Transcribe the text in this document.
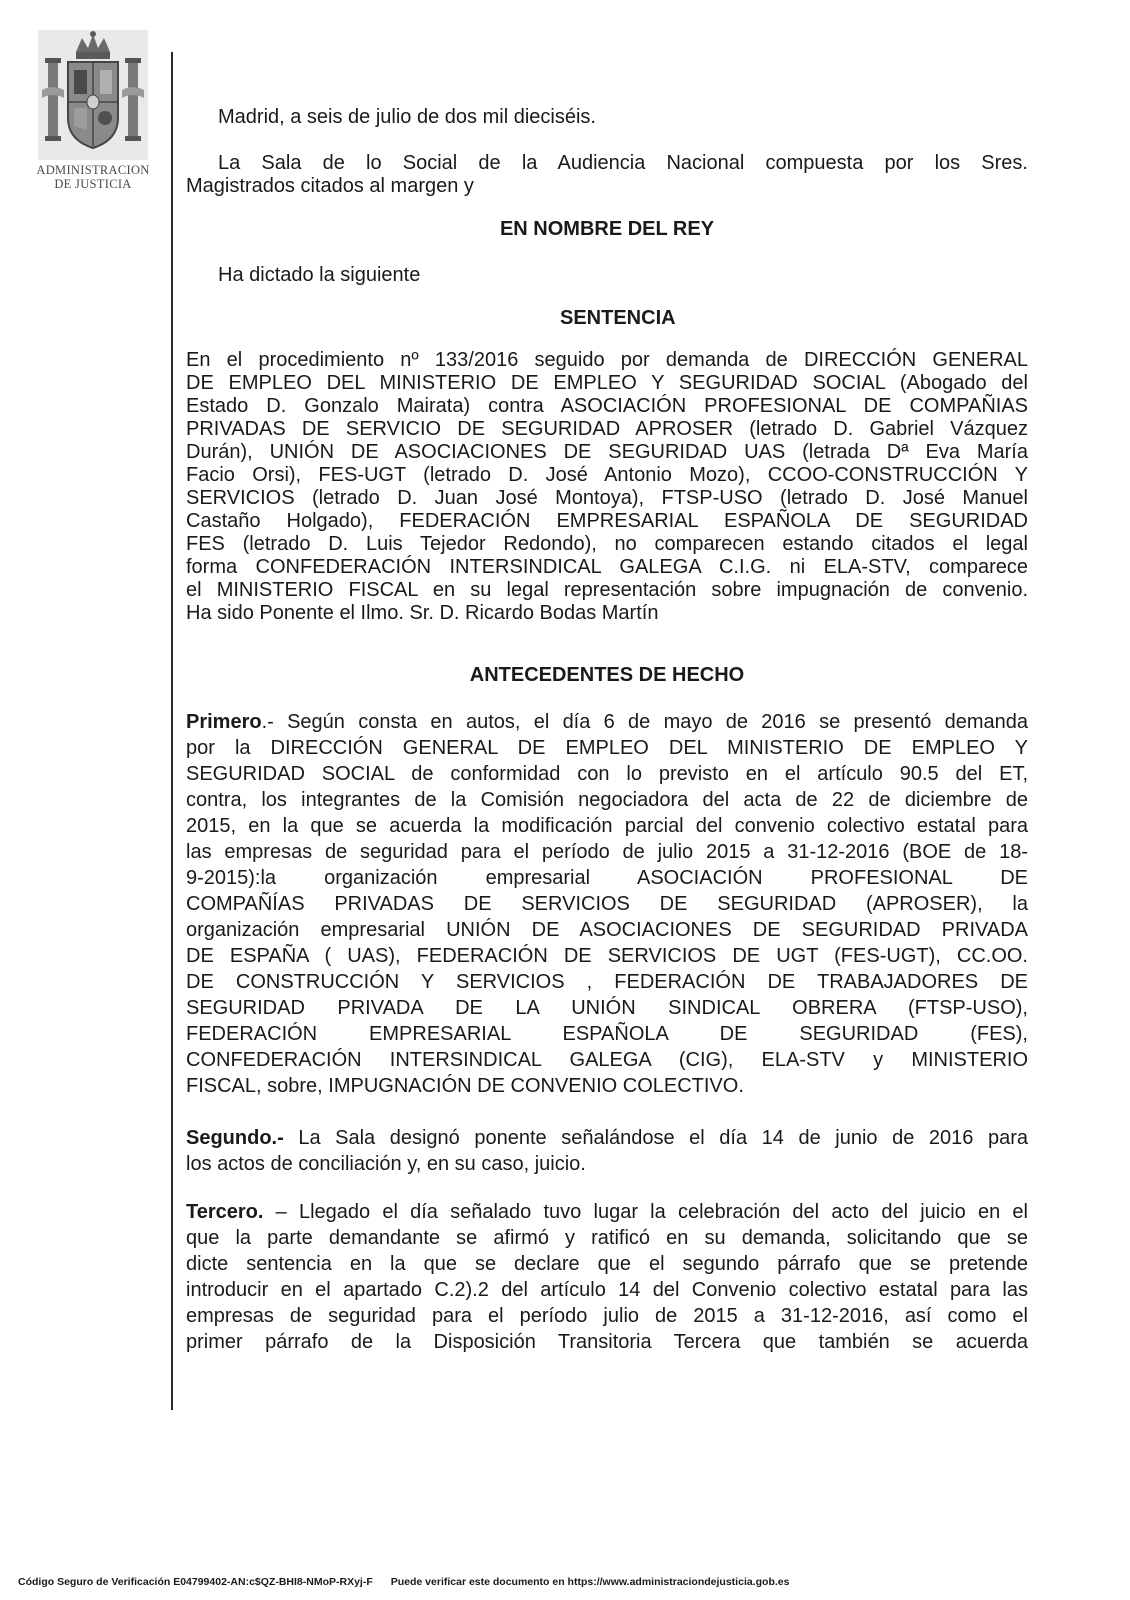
ADMINISTRACION
DE JUSTICIA

Madrid, a seis de julio de dos mil dieciséis.

La Sala de lo Social de la Audiencia Nacional compuesta por los Sres.

Magistrados citados al margen y

EN NOMBRE DEL REY

Ha dictado la siguiente

SENTENCIA

En el procedimiento nº 133/2016 seguido por demanda de DIRECCIÓN GENERAL

DE EMPLEO DEL MINISTERIO DE EMPLEO Y SEGURIDAD SOCIAL (Abogado del

Estado D. Gonzalo Mairata) contra ASOCIACIÓN PROFESIONAL DE COMPAÑIAS

PRIVADAS DE SERVICIO DE SEGURIDAD APROSER (letrado D. Gabriel Vázquez

Durán), UNIÓN DE ASOCIACIONES DE SEGURIDAD UAS (letrada Dª Eva María

Facio Orsi), FES-UGT (letrado D. José Antonio Mozo), CCOO-CONSTRUCCIÓN Y

SERVICIOS (letrado D. Juan José Montoya), FTSP-USO (letrado D. José Manuel

Castaño Holgado), FEDERACIÓN EMPRESARIAL ESPAÑOLA DE SEGURIDAD

FES (letrado D. Luis Tejedor Redondo), no comparecen estando citados el legal

forma CONFEDERACIÓN INTERSINDICAL GALEGA C.I.G. ni ELA-STV, comparece

el MINISTERIO FISCAL en su legal representación sobre impugnación de convenio.

Ha sido Ponente el Ilmo. Sr. D. Ricardo Bodas Martín

ANTECEDENTES DE HECHO

Primero.- Según consta en autos, el día 6 de mayo de 2016 se presentó demanda

por la DIRECCIÓN GENERAL DE EMPLEO DEL MINISTERIO DE EMPLEO Y

SEGURIDAD SOCIAL de conformidad con lo previsto en el artículo 90.5 del ET,

contra, los integrantes de la Comisión negociadora del acta de 22 de diciembre de

2015, en la que se acuerda la modificación parcial del convenio colectivo estatal para

las empresas de seguridad para el período de julio 2015 a 31-12-2016 (BOE de 18-

9-2015):la organización empresarial ASOCIACIÓN PROFESIONAL DE

COMPAÑÍAS PRIVADAS DE SERVICIOS DE SEGURIDAD (APROSER), la

organización empresarial UNIÓN DE ASOCIACIONES DE SEGURIDAD PRIVADA

DE ESPAÑA ( UAS), FEDERACIÓN DE SERVICIOS DE UGT (FES-UGT), CC.OO.

DE CONSTRUCCIÓN Y SERVICIOS , FEDERACIÓN DE TRABAJADORES DE

SEGURIDAD PRIVADA DE LA UNIÓN SINDICAL OBRERA (FTSP-USO),

FEDERACIÓN EMPRESARIAL ESPAÑOLA DE SEGURIDAD (FES),

CONFEDERACIÓN INTERSINDICAL GALEGA (CIG), ELA-STV y MINISTERIO

FISCAL, sobre, IMPUGNACIÓN DE CONVENIO COLECTIVO.

Segundo.- La Sala designó ponente señalándose el día 14 de junio de 2016 para

los actos de conciliación y, en su caso, juicio.

Tercero. – Llegado el día señalado tuvo lugar la celebración del acto del juicio en el

que la parte demandante se afirmó y ratificó en su demanda, solicitando que se

dicte sentencia en la que se declare que el segundo párrafo que se pretende

introducir en el apartado C.2).2 del artículo 14 del Convenio colectivo estatal para las

empresas de seguridad para el período julio de 2015 a 31-12-2016, así como el

primer párrafo de la Disposición Transitoria Tercera que también se acuerda

Código Seguro de Verificación E04799402-AN:c$QZ-BHI8-NMoP-RXyj-F Puede verificar este documento en https://www.administraciondejusticia.gob.es
